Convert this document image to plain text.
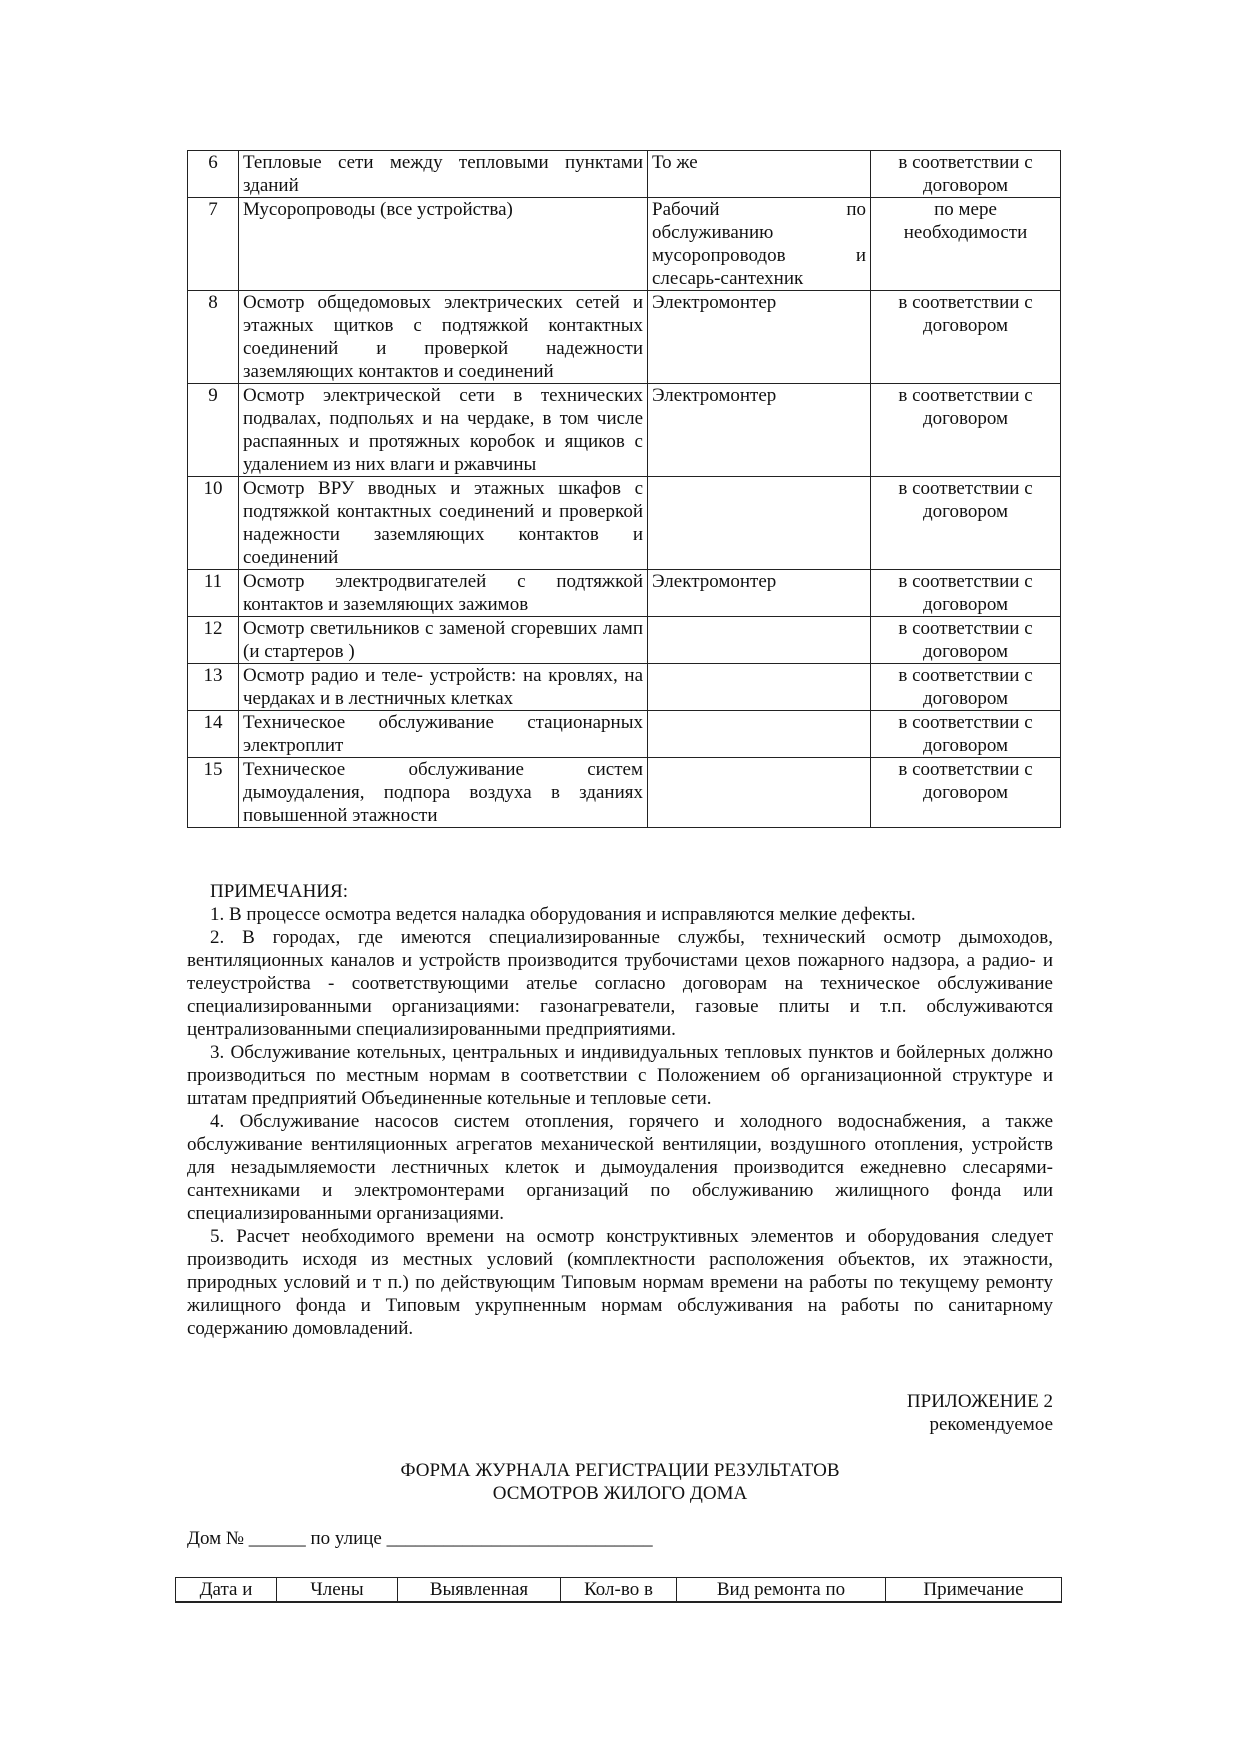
6	Тепловые сети между тепловыми пунктами зданий	То же	в соответствии с договором
7	Мусоропроводы (все устройства)	Рабочий по обслуживанию мусоропроводов и слесарь-сантехник	по мере необходимости
8	Осмотр общедомовых электрических сетей и этажных щитков с подтяжкой контактных соединений и проверкой надежности заземляющих контактов и соединений	Электромонтер	в соответствии с договором
9	Осмотр электрической сети в технических подвалах, подпольях и на чердаке, в том числе распаянных и протяжных коробок и ящиков с удалением из них влаги и ржавчины	Электромонтер	в соответствии с договором
10	Осмотр ВРУ вводных и этажных шкафов с подтяжкой контактных соединений и проверкой надежности заземляющих контактов и соединений		в соответствии с договором
11	Осмотр электродвигателей с подтяжкой контактов и заземляющих зажимов	Электромонтер	в соответствии с договором
12	Осмотр светильников с заменой сгоревших ламп (и стартеров )		в соответствии с договором
13	Осмотр радио и теле- устройств: на кровлях, на чердаках и в лестничных клетках		в соответствии с договором
14	Техническое обслуживание стационарных электроплит		в соответствии с договором
15	Техническое обслуживание систем дымоудаления, подпора воздуха в зданиях повышенной этажности		в соответствии с договором

ПРИМЕЧАНИЯ:

1. В процессе осмотра ведется наладка оборудования и исправляются мелкие дефекты.

2. В городах, где имеются специализированные службы, технический осмотр дымоходов, вентиляционных каналов и устройств производится трубочистами цехов пожарного надзора, а радио- и телеустройства - соответствующими ателье согласно договорам на техническое обслуживание специализированными организациями: газонагреватели, газовые плиты и т.п. обслуживаются централизованными специализированными предприятиями.

3. Обслуживание котельных, центральных и индивидуальных тепловых пунктов и бойлерных должно производиться по местным нормам в соответствии с Положением об организационной структуре и штатам предприятий Объединенные котельные и тепловые сети.

4. Обслуживание насосов систем отопления, горячего и холодного водоснабжения, а также обслуживание вентиляционных агрегатов механической вентиляции, воздушного отопления, устройств для незадымляемости лестничных клеток и дымоудаления производится ежедневно слесарями-сантехниками и электромонтерами организаций по обслуживанию жилищного фонда или специализированными организациями.

5. Расчет необходимого времени на осмотр конструктивных элементов и оборудования следует производить исходя из местных условий (комплектности расположения объектов, их этажности, природных условий и т п.) по действующим Типовым нормам времени на работы по текущему ремонту жилищного фонда и Типовым укрупненным нормам обслуживания на работы по санитарному содержанию домовладений.

ПРИЛОЖЕНИЕ 2
рекомендуемое
ФОРМА ЖУРНАЛА РЕГИСТРАЦИИ РЕЗУЛЬТАТОВ
ОСМОТРОВ ЖИЛОГО ДОМА
Дом № ______ по улице ____________________________
Дата и	Члены	Выявленная	Кол-во в	Вид ремонта по	Примечание
